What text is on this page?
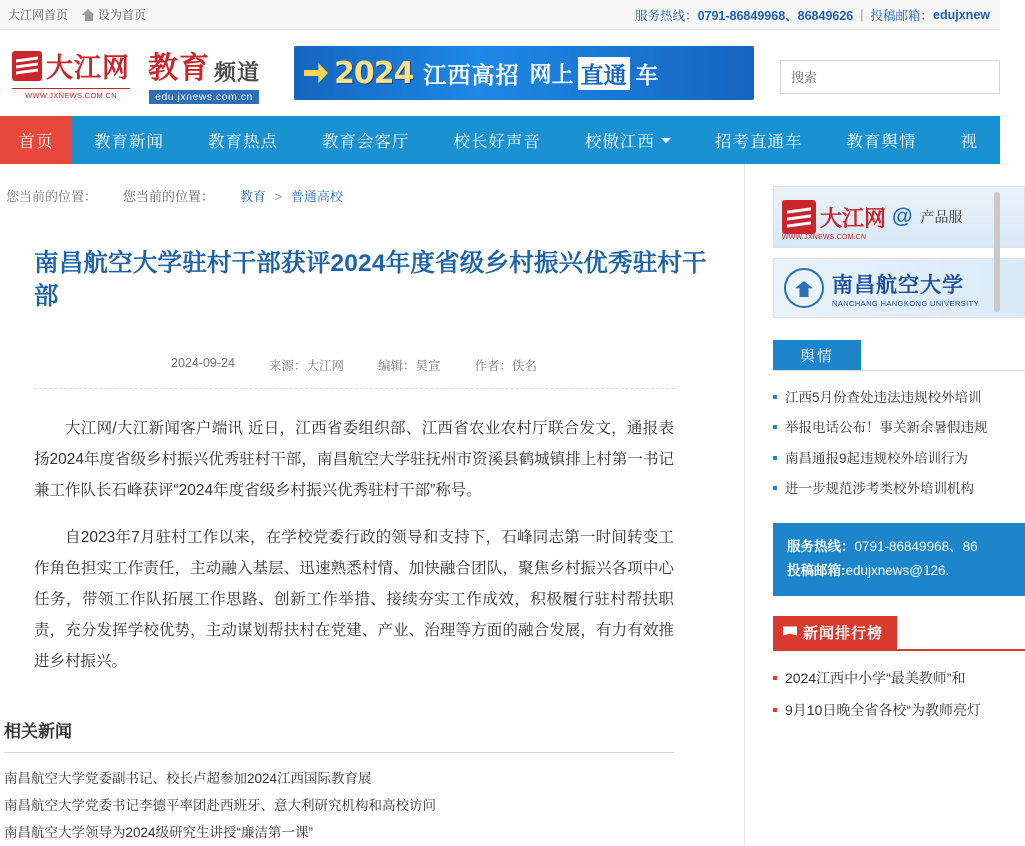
大江网首页	设为首页	服务热线： 0791-86849968、86849626 | 投稿邮箱： edujxnew
大江网
WWW.JXNEWS.COM.CN
教育 频道
edu.jxnews.com.cn
2024 江西高招 网上 直通 车
搜索
首页 教育新闻	教育热点	教育会客厅	校长好声音	校傲江西	招考直通车	教育舆情	视
您当前的位置： 您当前的位置： 教育 > 普通高校
南昌航空大学驻村干部获评2024年度省级乡村振兴优秀驻村干部
2024-09-24	来源：大江网	编辑：昊宣	作者：佚名

大江网/大江新闻客户端讯 近日，江西省委组织部、江西省农业农村厅联合发文，通报表扬2024年度省级乡村振兴优秀驻村干部，南昌航空大学驻抚州市资溪县鹤城镇排上村第一书记兼工作队长石峰获评“2024年度省级乡村振兴优秀驻村干部”称号。

自2023年7月驻村工作以来，在学校党委行政的领导和支持下，石峰同志第一时间转变工作角色担实工作责任，主动融入基层、迅速熟悉村情、加快融合团队，聚焦乡村振兴各项中心任务，带领工作队拓展工作思路、创新工作举措、接续夯实工作成效，积极履行驻村帮扶职责，充分发挥学校优势，主动谋划帮扶村在党建、产业、治理等方面的融合发展，有力有效推进乡村振兴。

相关新闻
南昌航空大学党委副书记、校长卢超参加2024江西国际教育展
南昌航空大学党委书记李德平率团赴西班牙、意大利研究机构和高校访问
南昌航空大学领导为2024级研究生讲授“廉洁第一课”
大江网 @ 产品服
WWW.JXNEWS.COM.CN
南昌航空大学
NANCHANG HANGKONG UNIVERSITY
舆情
江西5月份查处违法违规校外培训
举报电话公布！事关新余暑假违规
南昌通报9起违规校外培训行为
进一步规范涉考类校外培训机构
服务热线：0791-86849968、86
投稿邮箱:edujxnews@126.
新闻排行榜
2024江西中小学“最美教师”和
9月10日晚全省各校“为教师亮灯
